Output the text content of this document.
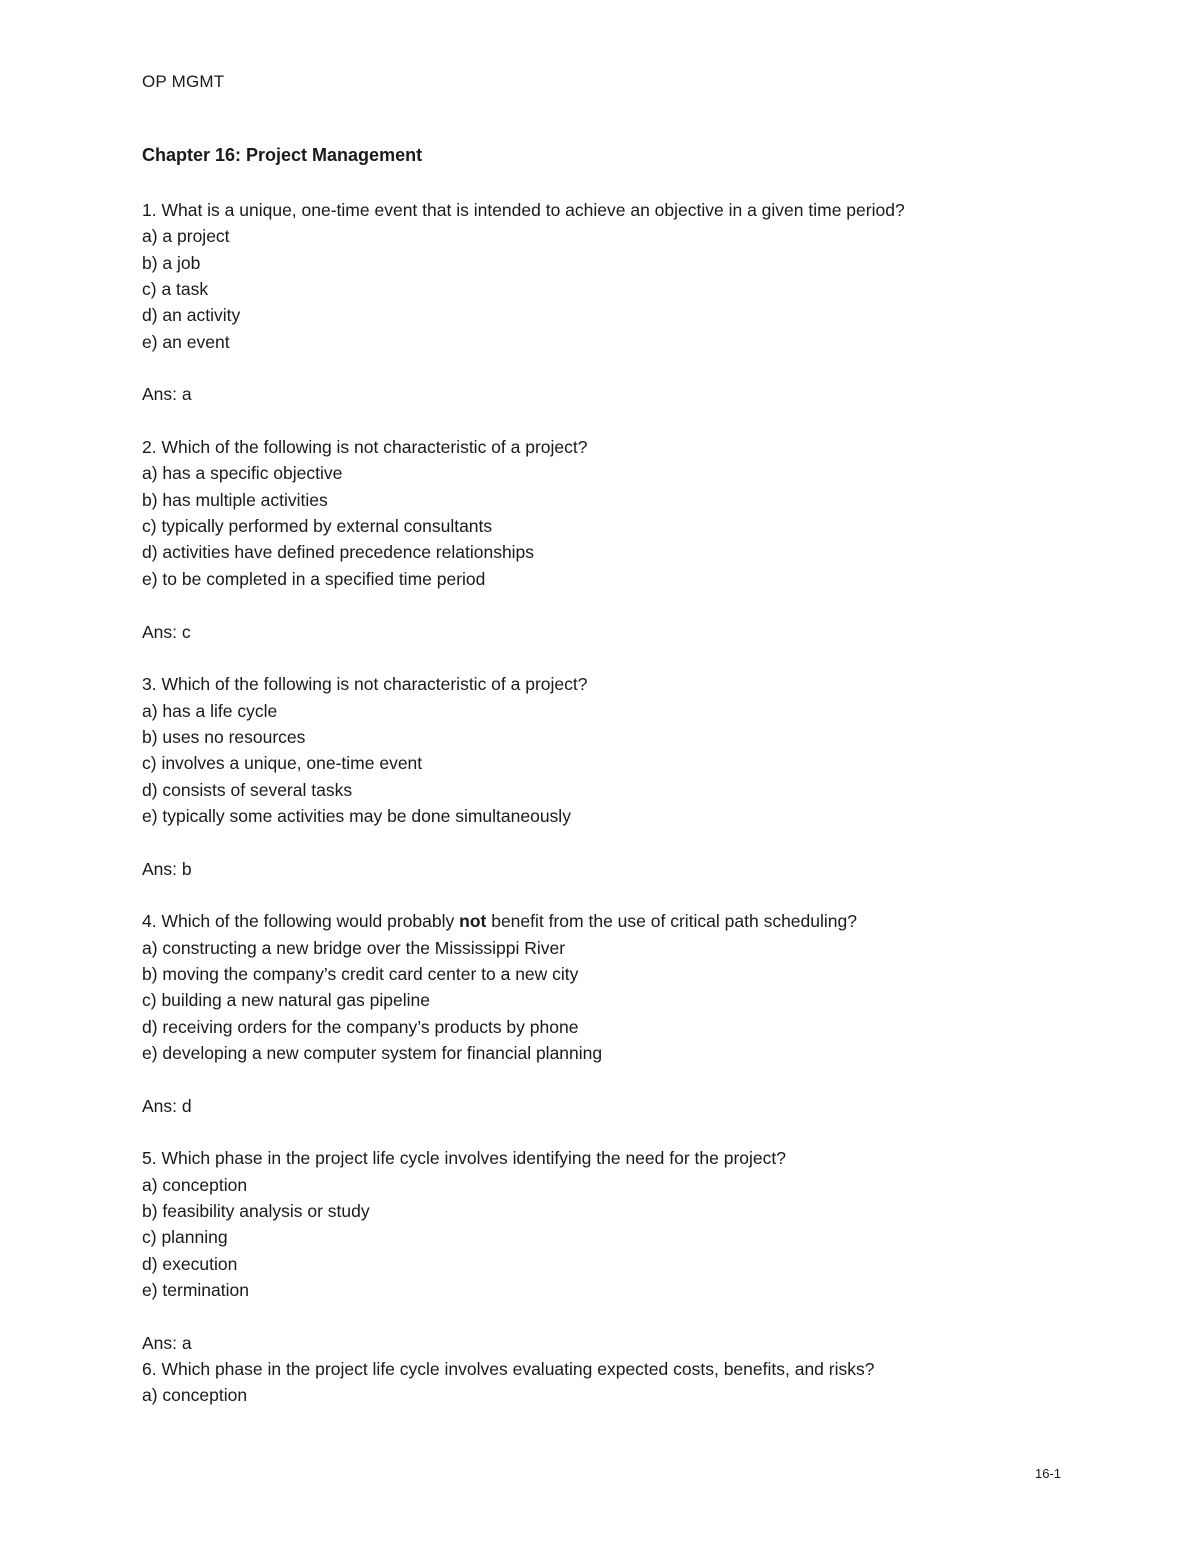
OP MGMT
Chapter 16: Project Management
1. What is a unique, one-time event that is intended to achieve an objective in a given time period?
a) a project
b) a job
c) a task
d) an activity
e) an event
Ans: a
2. Which of the following is not characteristic of a project?
a) has a specific objective
b) has multiple activities
c) typically performed by external consultants
d) activities have defined precedence relationships
e) to be completed in a specified time period
Ans: c
3. Which of the following is not characteristic of a project?
a) has a life cycle
b) uses no resources
c) involves a unique, one-time event
d) consists of several tasks
e) typically some activities may be done simultaneously
Ans: b
4. Which of the following would probably not benefit from the use of critical path scheduling?
a) constructing a new bridge over the Mississippi River
b) moving the company’s credit card center to a new city
c) building a new natural gas pipeline
d) receiving orders for the company’s products by phone
e) developing a new computer system for financial planning
Ans: d
5. Which phase in the project life cycle involves identifying the need for the project?
a) conception
b) feasibility analysis or study
c) planning
d) execution
e) termination
Ans: a
6. Which phase in the project life cycle involves evaluating expected costs, benefits, and risks?
a) conception
16-1
